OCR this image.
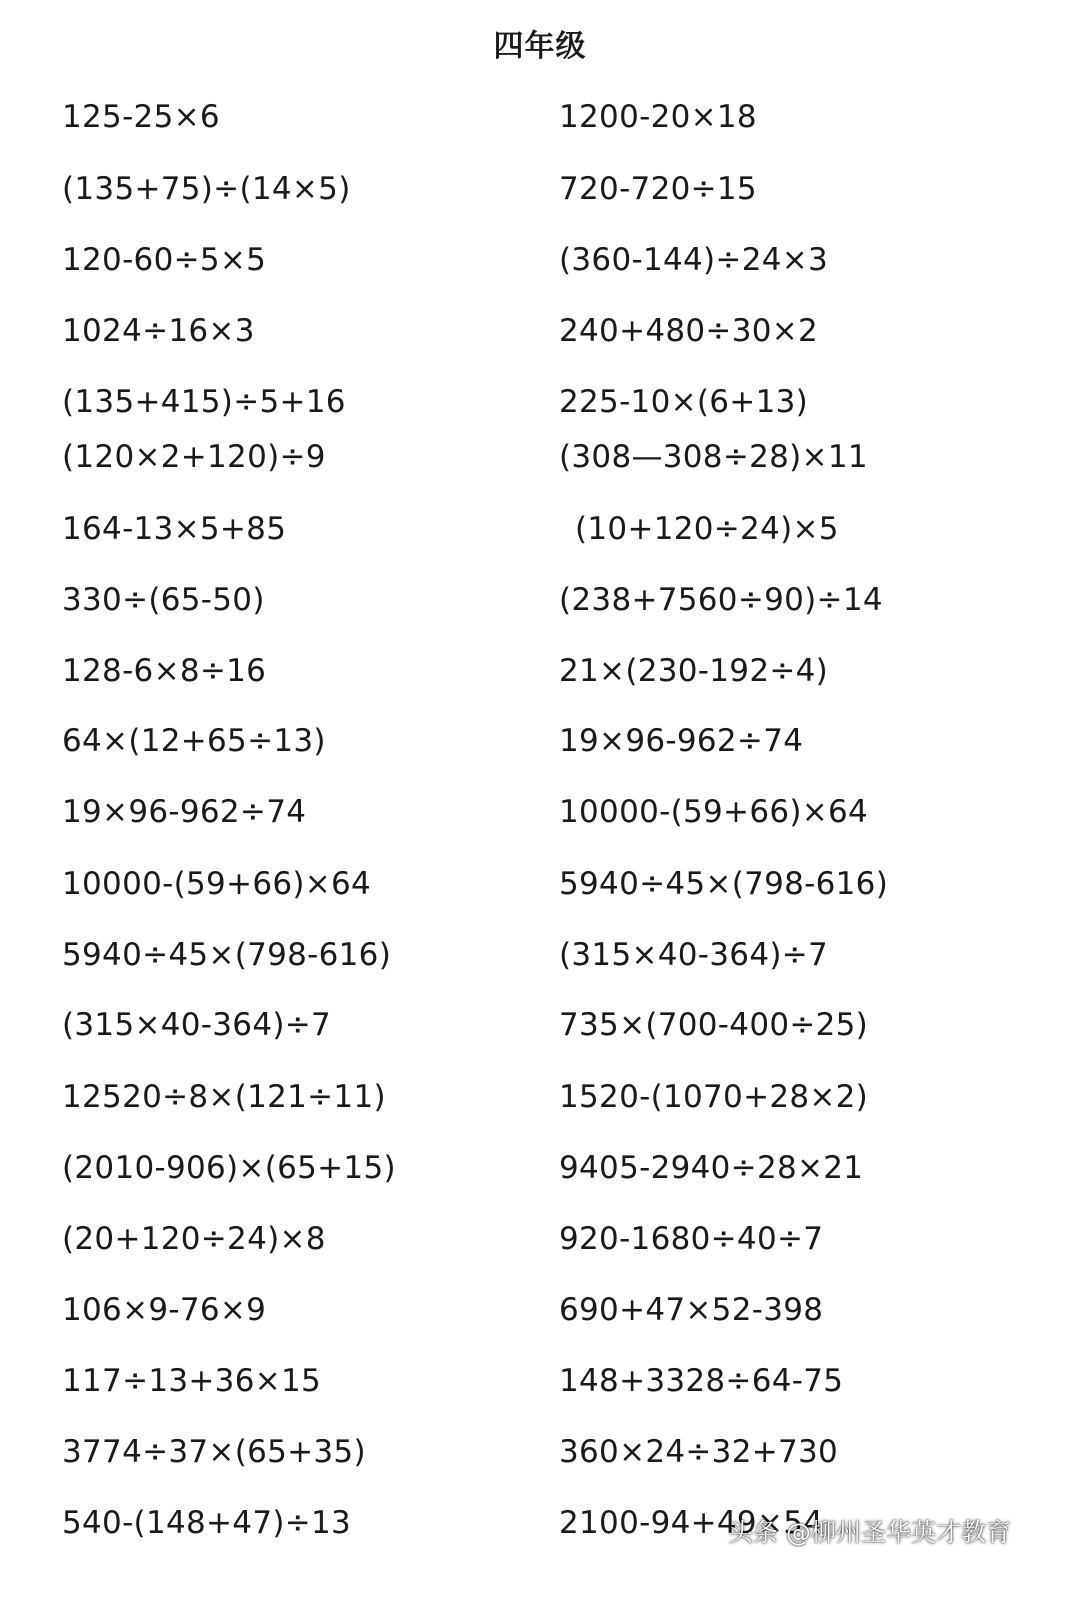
四年级
125-25×6	1200-20×18
(135+75)÷(14×5)	720-720÷15
120-60÷5×5	(360-144)÷24×3
1024÷16×3	240+480÷30×2
(135+415)÷5+16	225-10×(6+13)
(120×2+120)÷9	(308—308÷28)×11
164-13×5+85	(10+120÷24)×5
330÷(65-50)	(238+7560÷90)÷14
128-6×8÷16	21×(230-192÷4)
64×(12+65÷13)	19×96-962÷74
19×96-962÷74	10000-(59+66)×64
10000-(59+66)×64	5940÷45×(798-616)
5940÷45×(798-616)	(315×40-364)÷7
(315×40-364)÷7	735×(700-400÷25)
12520÷8×(121÷11)	1520-(1070+28×2)
(2010-906)×(65+15)	9405-2940÷28×21
(20+120÷24)×8	920-1680÷40÷7
106×9-76×9	690+47×52-398
117÷13+36×15	148+3328÷64-75
3774÷37×(65+35)	360×24÷32+730
540-(148+47)÷13	2100-94+49×54
头条 @柳州圣华英才教育
